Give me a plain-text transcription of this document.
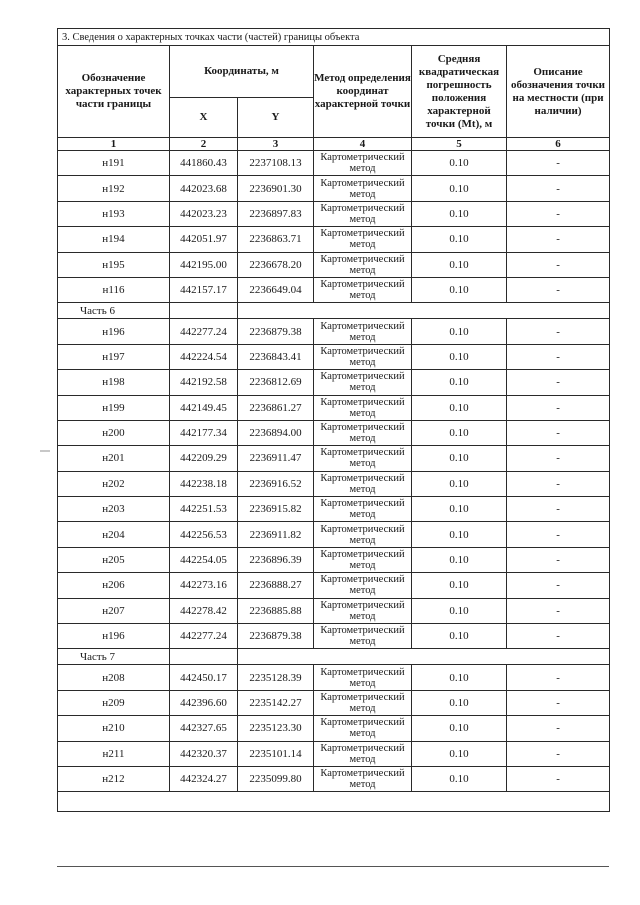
3. Сведения о характерных точках части (частей) границы объекта					
Обозначение характерных точек части границы	Координаты, м		Метод определения координат характерной точки	Средняя квадратическая погрешность положения характерной точки (Mt), м	Описание обозначения точки на местности (при наличии)
	X	Y			
1	2	3	4	5	6
н191	441860.43	2237108.13	Картометрический метод	0.10	-
н192	442023.68	2236901.30	Картометрический метод	0.10	-
н193	442023.23	2236897.83	Картометрический метод	0.10	-
н194	442051.97	2236863.71	Картометрический метод	0.10	-
н195	442195.00	2236678.20	Картометрический метод	0.10	-
н116	442157.17	2236649.04	Картометрический метод	0.10	-
Часть 6					
н196	442277.24	2236879.38	Картометрический метод	0.10	-
н197	442224.54	2236843.41	Картометрический метод	0.10	-
н198	442192.58	2236812.69	Картометрический метод	0.10	-
н199	442149.45	2236861.27	Картометрический метод	0.10	-
н200	442177.34	2236894.00	Картометрический метод	0.10	-
н201	442209.29	2236911.47	Картометрический метод	0.10	-
н202	442238.18	2236916.52	Картометрический метод	0.10	-
н203	442251.53	2236915.82	Картометрический метод	0.10	-
н204	442256.53	2236911.82	Картометрический метод	0.10	-
н205	442254.05	2236896.39	Картометрический метод	0.10	-
н206	442273.16	2236888.27	Картометрический метод	0.10	-
н207	442278.42	2236885.88	Картометрический метод	0.10	-
н196	442277.24	2236879.38	Картометрический метод	0.10	-
Часть 7					
н208	442450.17	2235128.39	Картометрический метод	0.10	-
н209	442396.60	2235142.27	Картометрический метод	0.10	-
н210	442327.65	2235123.30	Картометрический метод	0.10	-
н211	442320.37	2235101.14	Картометрический метод	0.10	-
н212	442324.27	2235099.80	Картометрический метод	0.10	-
